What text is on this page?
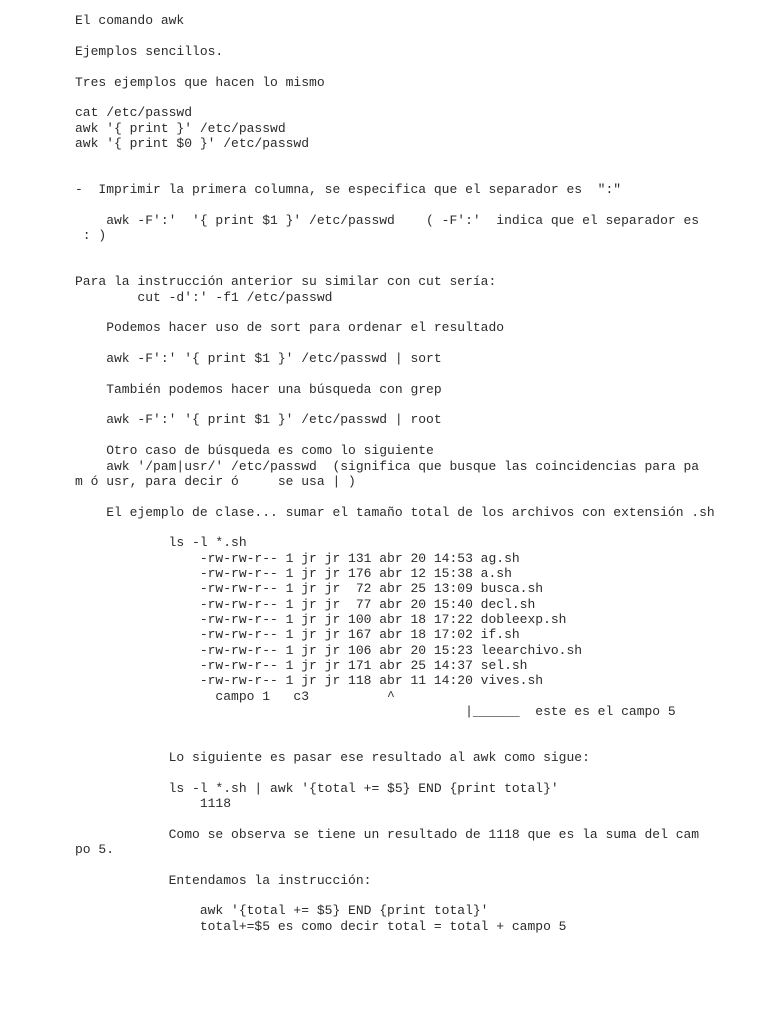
El comando awk
Ejemplos sencillos.
Tres ejemplos que hacen lo mismo
cat /etc/passwd
awk '{ print }' /etc/passwd
awk '{ print $0 }' /etc/passwd
-  Imprimir la primera columna, se especifica que el separador es  ":"
awk -F':'  '{ print $1 }' /etc/passwd    ( -F':'  indica que el separador es
: )
Para la instrucción anterior su similar con cut sería:
cut -d':' -f1 /etc/passwd
Podemos hacer uso de sort para ordenar el resultado
awk -F':' '{ print $1 }' /etc/passwd | sort
También podemos hacer una búsqueda con grep
awk -F':' '{ print $1 }' /etc/passwd | root
Otro caso de búsqueda es como lo siguiente
awk '/pam|usr/' /etc/passwd  (significa que busque las coincidencias para pa
m ó usr, para decir ó     se usa | )
El ejemplo de clase... sumar el tamaño total de los archivos con extensión .sh
ls -l *.sh
-rw-rw-r-- 1 jr jr 131 abr 20 14:53 ag.sh
-rw-rw-r-- 1 jr jr 176 abr 12 15:38 a.sh
-rw-rw-r-- 1 jr jr  72 abr 25 13:09 busca.sh
-rw-rw-r-- 1 jr jr  77 abr 20 15:40 decl.sh
-rw-rw-r-- 1 jr jr 100 abr 18 17:22 dobleexp.sh
-rw-rw-r-- 1 jr jr 167 abr 18 17:02 if.sh
-rw-rw-r-- 1 jr jr 106 abr 20 15:23 leearchivo.sh
-rw-rw-r-- 1 jr jr 171 abr 25 14:37 sel.sh
-rw-rw-r-- 1 jr jr 118 abr 11 14:20 vives.sh
campo 1   c3          ^
|______  este es el campo 5
Lo siguiente es pasar ese resultado al awk como sigue:
ls -l *.sh | awk '{total += $5} END {print total}'
1118
Como se observa se tiene un resultado de 1118 que es la suma del cam
po 5.
Entendamos la instrucción:
awk '{total += $5} END {print total}'
total+=$5 es como decir total = total + campo 5
